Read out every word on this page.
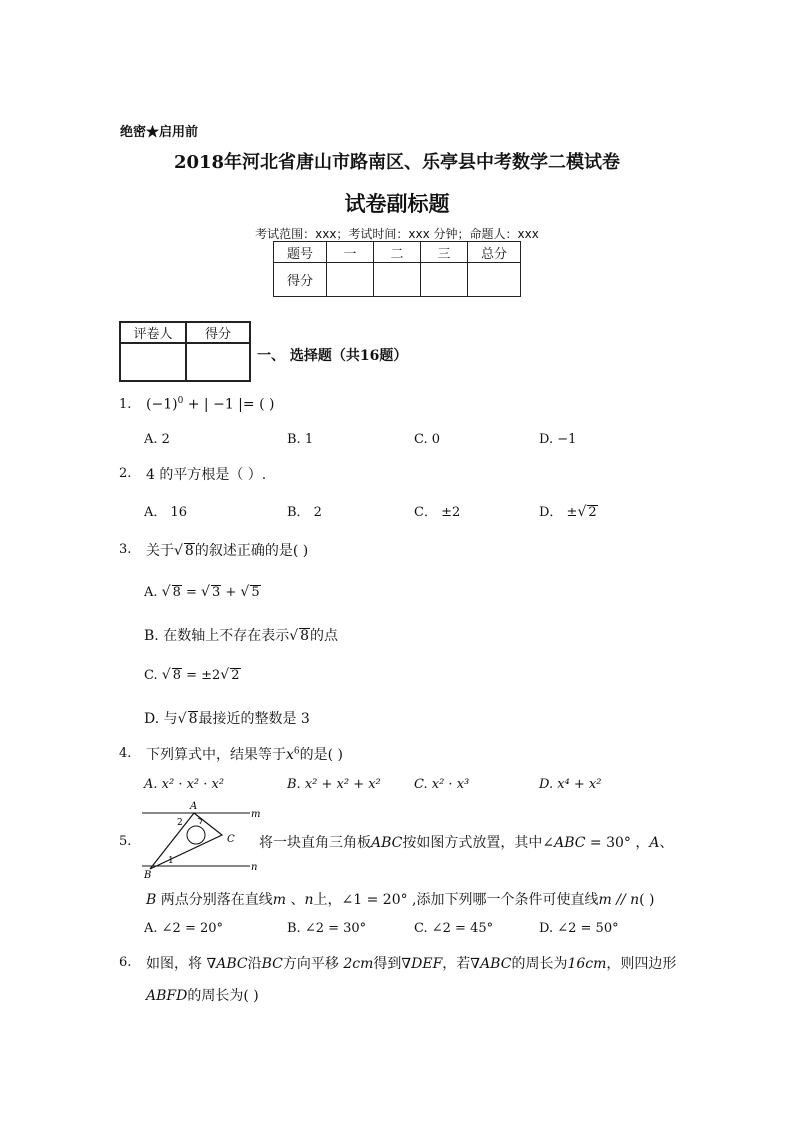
绝密★启用前
2018年河北省唐山市路南区、乐亭县中考数学二模试卷
试卷副标题
考试范围：xxx；考试时间：xxx 分钟；命题人：xxx
题号	一	二	三	总分
得分				
评卷人	得分

一、 选择题（共16题）
1. $(-1)^0$ + | −1 |= ( )
A. 2	B. 1	C. 0	D. −1
2. 4 的平方根是（ ）.
A． 16	B． 2	C． ±2	D． ±√ 2
3. 关于√ 8的叙述正确的是( )
A. √ 8 = √ 3 + √ 5
B. 在数轴上不存在表示√ 8的点
C. √ 8 = ±2√ 2
D. 与√ 8最接近的整数是 3
4. 下列算式中，结果等于$x^6$的是( )
A. x² · x² · x²	B. x² + x² + x²	C. x² · x³	D. x⁴ + x²
A
B
C
m
n
1
2
5.	将一块直角三角板ABC按如图方式放置，其中∠ABC = 30° ，A、
B 两点分别落在直线m 、n上，∠1 = 20° ,添加下列哪一个条件可使直线m // n( )
A. ∠2 = 20°	B. ∠2 = 30°	C. ∠2 = 45°	D. ∠2 = 50°
6. 如图，将 ∇ABC沿BC方向平移 2cm得到∇DEF，若∇ABC的周长为16cm，则四边形
ABFD的周长为( )
